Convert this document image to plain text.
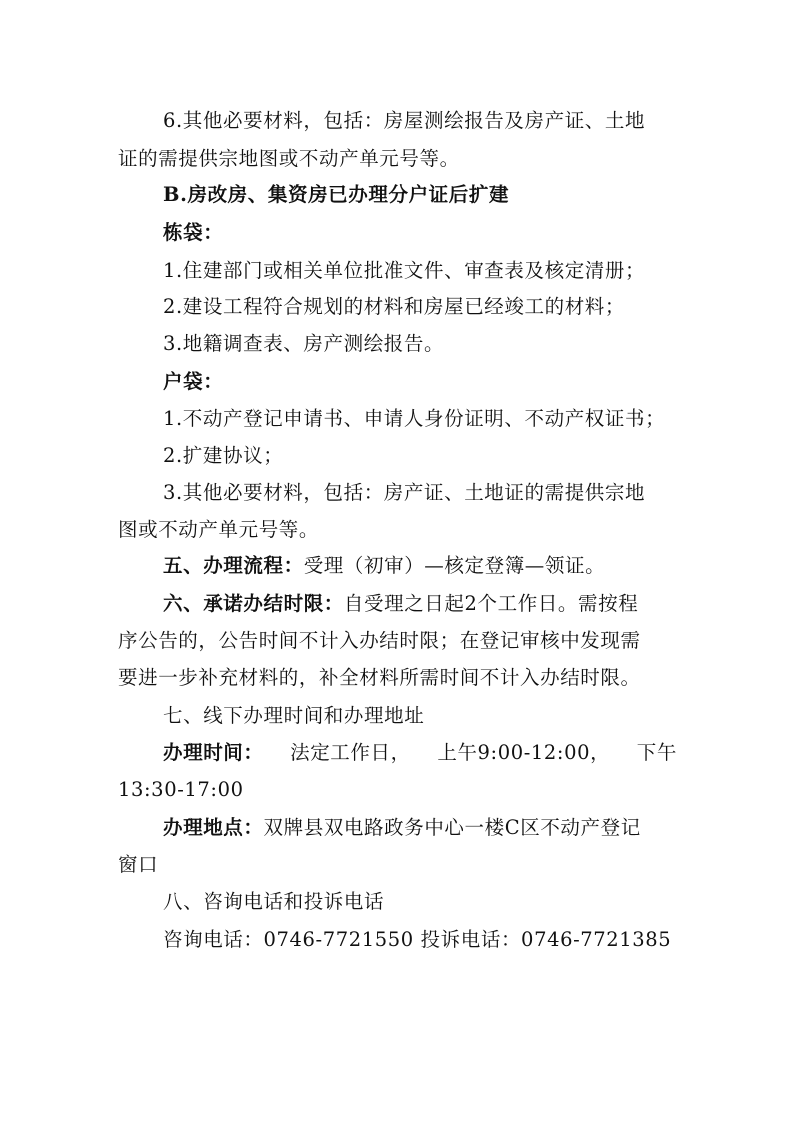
6.其他必要材料，包括：房屋测绘报告及房产证、土地
证的需提供宗地图或不动产单元号等。
B.房改房、集资房已办理分户证后扩建
栋袋：
1.住建部门或相关单位批准文件、审查表及核定清册；
2.建设工程符合规划的材料和房屋已经竣工的材料；
3.地籍调查表、房产测绘报告。
户袋：
1.不动产登记申请书、申请人身份证明、不动产权证书；
2.扩建协议；
3.其他必要材料，包括：房产证、土地证的需提供宗地
图或不动产单元号等。
五、办理流程：受理（初审）—核定登簿—领证。
六、承诺办结时限：自受理之日起2个工作日。需按程
序公告的，公告时间不计入办结时限；在登记审核中发现需
要进一步补充材料的，补全材料所需时间不计入办结时限。
七、线下办理时间和办理地址
办理时间： 法定工作日， 上午9:00-12:00， 下午
13:30-17:00
办理地点：双牌县双电路政务中心一楼C区不动产登记
窗口
八、咨询电话和投诉电话
咨询电话：0746-7721550 投诉电话：0746-7721385
